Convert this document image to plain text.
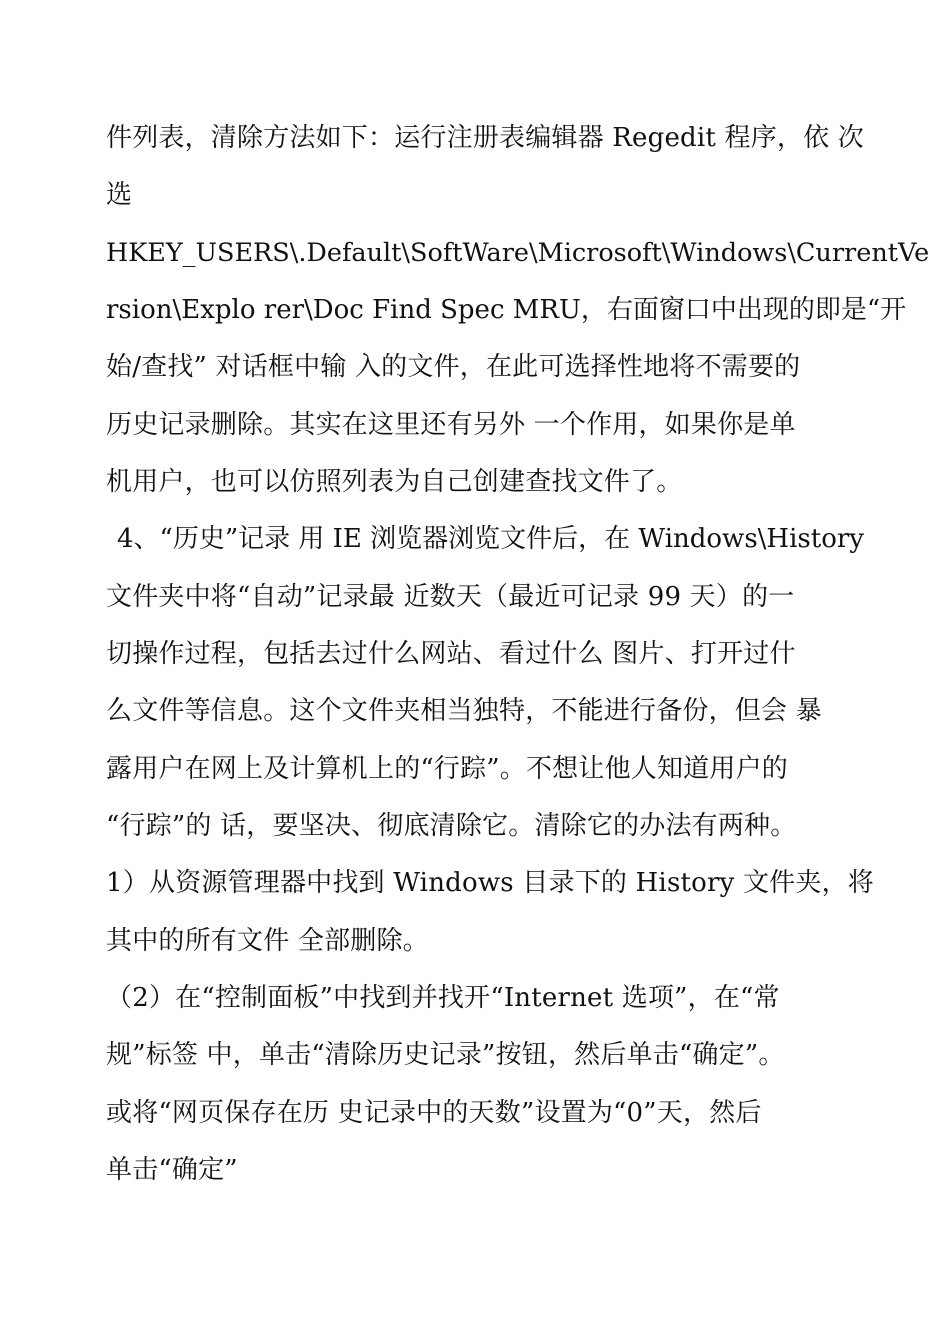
件列表，清除方法如下：运行注册表编辑器 Regedit 程序，依 次
选
HKEY_USERS\.Default\SoftWare\Microsoft\Windows\CurrentVe
rsion\Explo rer\Doc Find Spec MRU，右面窗口中出现的即是“开
始/查找” 对话框中输 入的文件，在此可选择性地将不需要的
历史记录删除。其实在这里还有另外 一个作用，如果你是单
机用户，也可以仿照列表为自己创建查找文件了。
4、“历史”记录 用 IE 浏览器浏览文件后，在 Windows\History
文件夹中将“自动”记录最 近数天（最近可记录 99 天）的一
切操作过程，包括去过什么网站、看过什么 图片、打开过什
么文件等信息。这个文件夹相当独特，不能进行备份，但会 暴
露用户在网上及计算机上的“行踪”。不想让他人知道用户的
“行踪”的 话，要坚决、彻底清除它。清除它的办法有两种。
1）从资源管理器中找到 Windows 目录下的 History 文件夹，将
其中的所有文件 全部删除。
（2）在“控制面板”中找到并找开“Internet 选项”，在“常
规”标签 中，单击“清除历史记录”按钮，然后单击“确定”。
或将“网页保存在历 史记录中的天数”设置为“0”天，然后
单击“确定”
